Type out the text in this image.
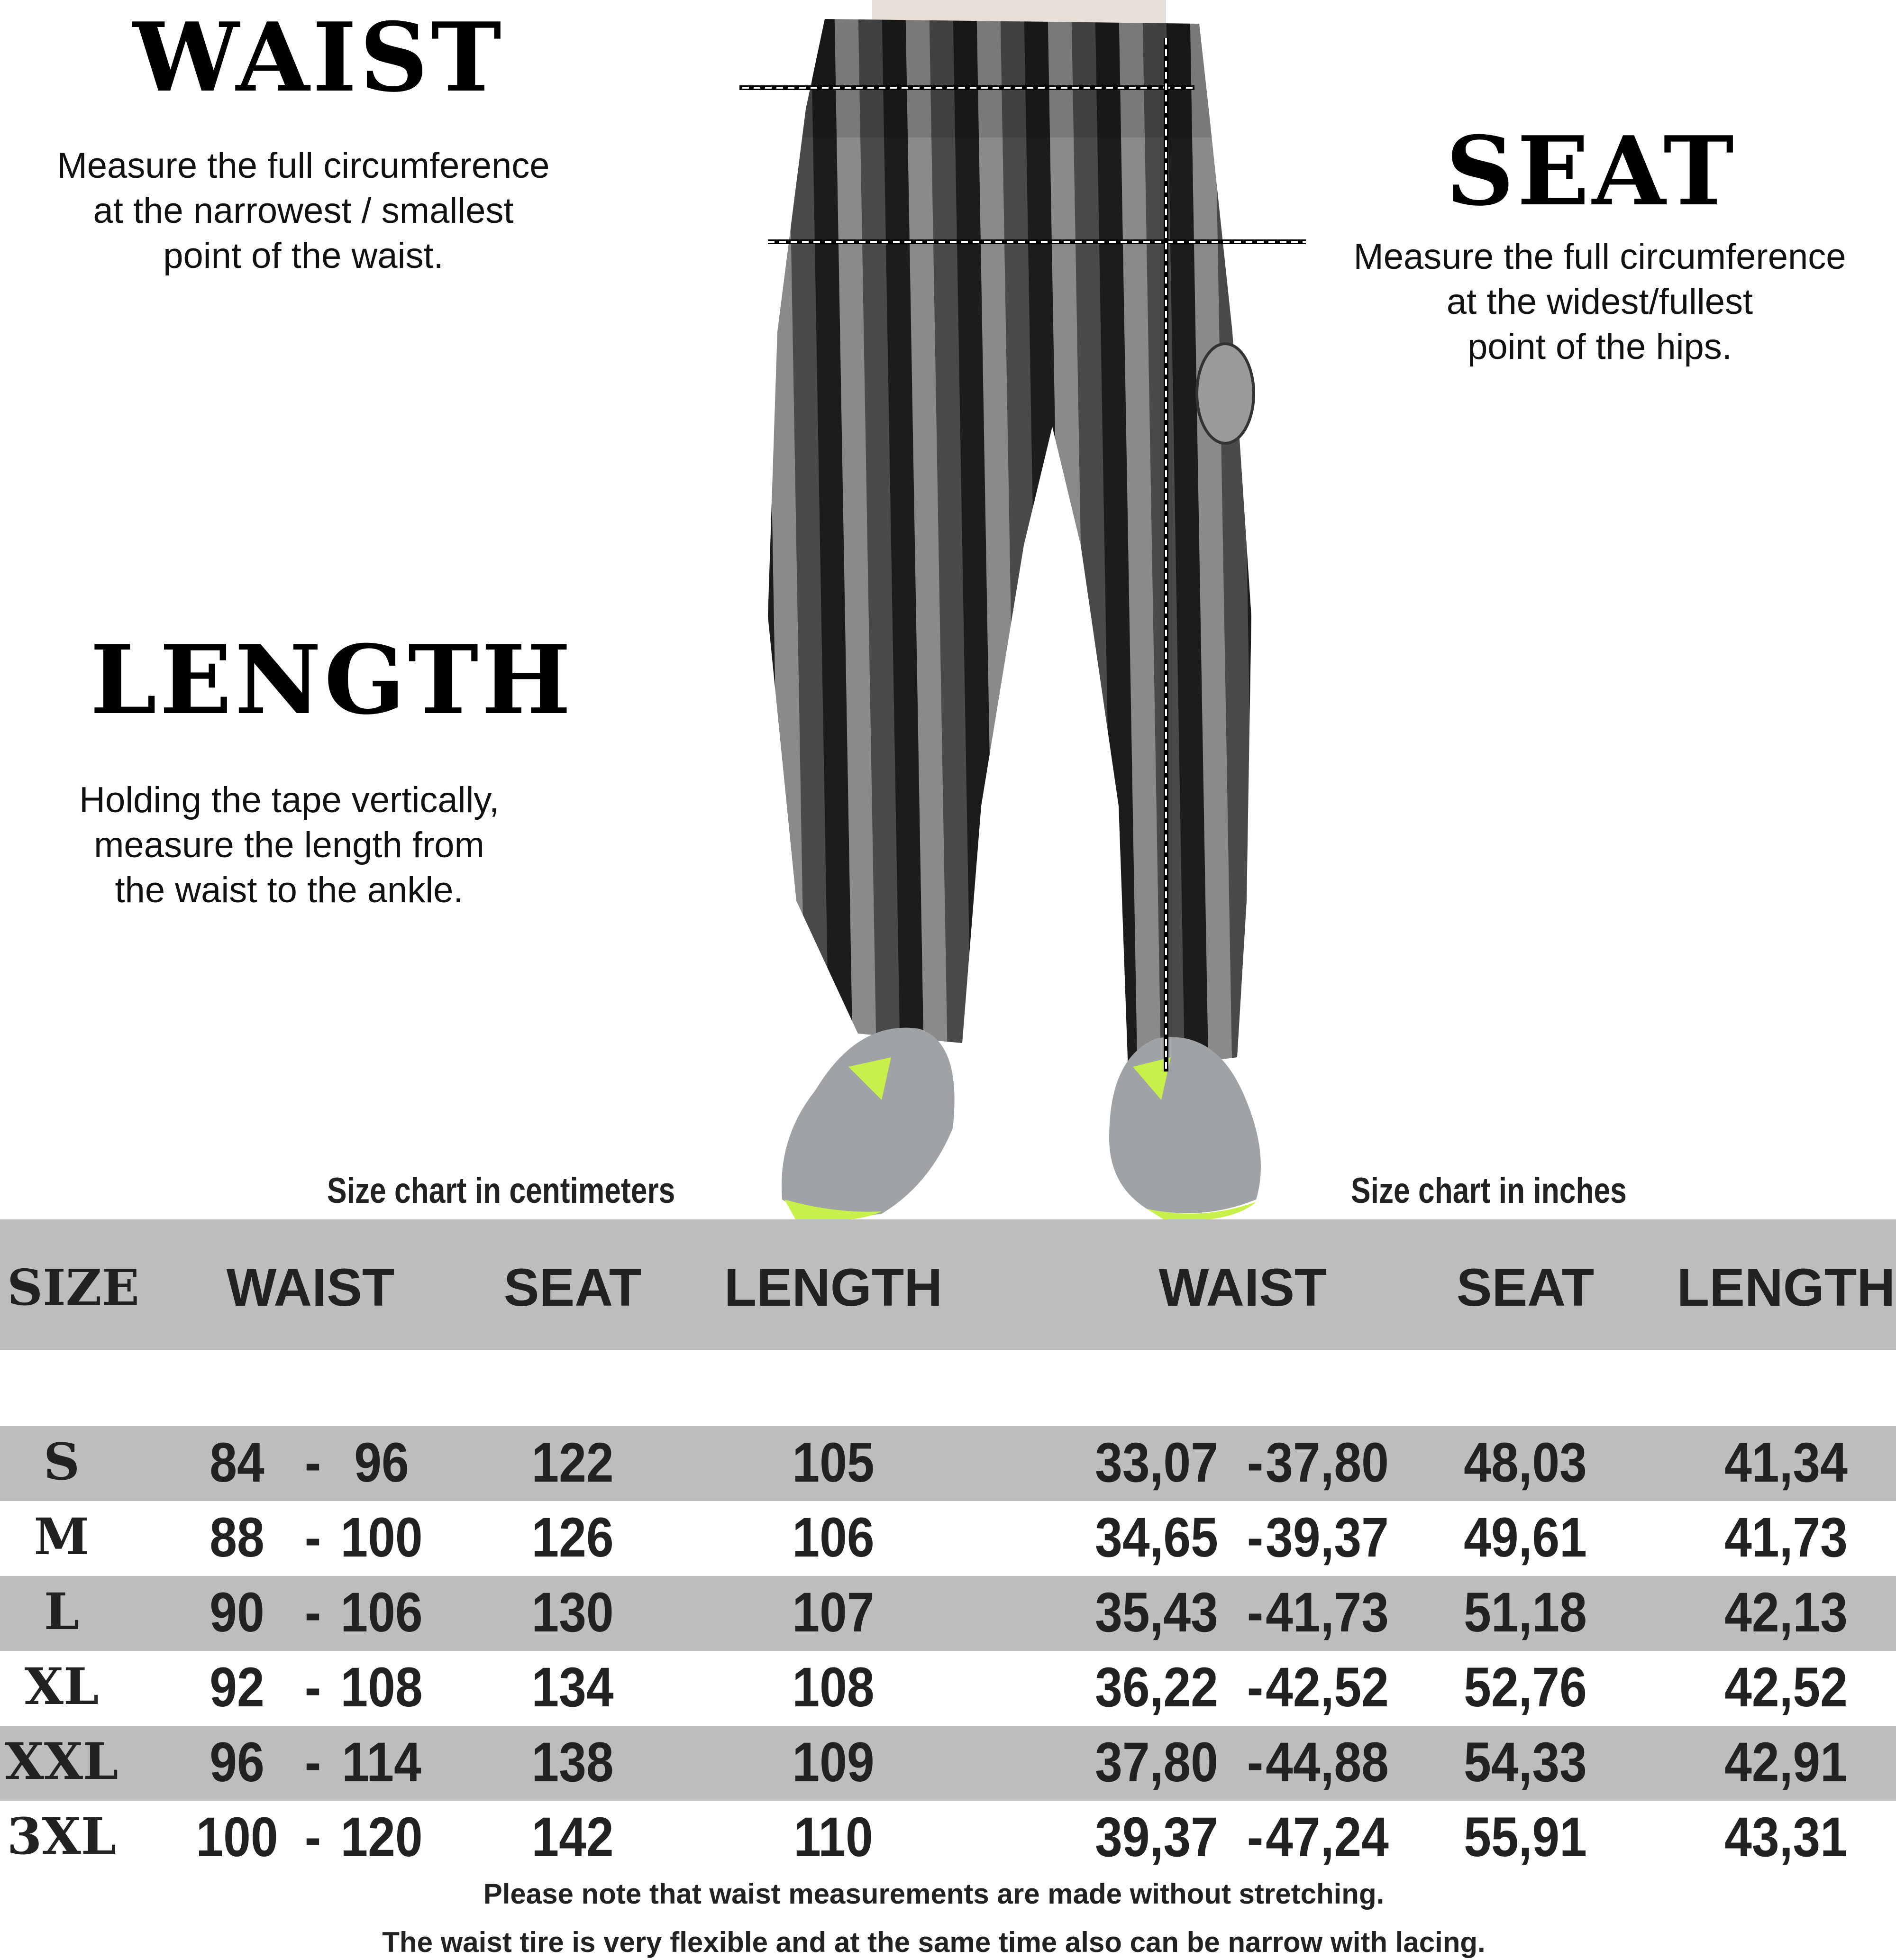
WAIST
Measure the full circumference
at the narrowest / smallest
point of the waist.
SEAT
Measure the full circumference
at the widest/fullest
point of the hips.
LENGTH
Holding the tape vertically,
measure the length from
the waist to the ankle.
Size chart in centimeters	Size chart in inches
SIZE WAIST SEAT LENGTH	WAIST SEAT LENGTH
S 84 - 96 122	105	33,07 - 37,80 48,03 41,34
M 88 - 100 126	106	34,65 - 39,37 49,61 41,73
L 90 - 106 130	107	35,43 - 41,73 51,18 42,13
XL 92 - 108 134	108	36,22 - 42,52 52,76 42,52
XXL 96 - 114 138	109	37,80 - 44,88 54,33 42,91
3XL 100 - 120 142	110	39,37 - 47,24 55,91 43,31
Please note that waist measurements are made without stretching.
The waist tire is very flexible and at the same time also can be narrow with lacing.
